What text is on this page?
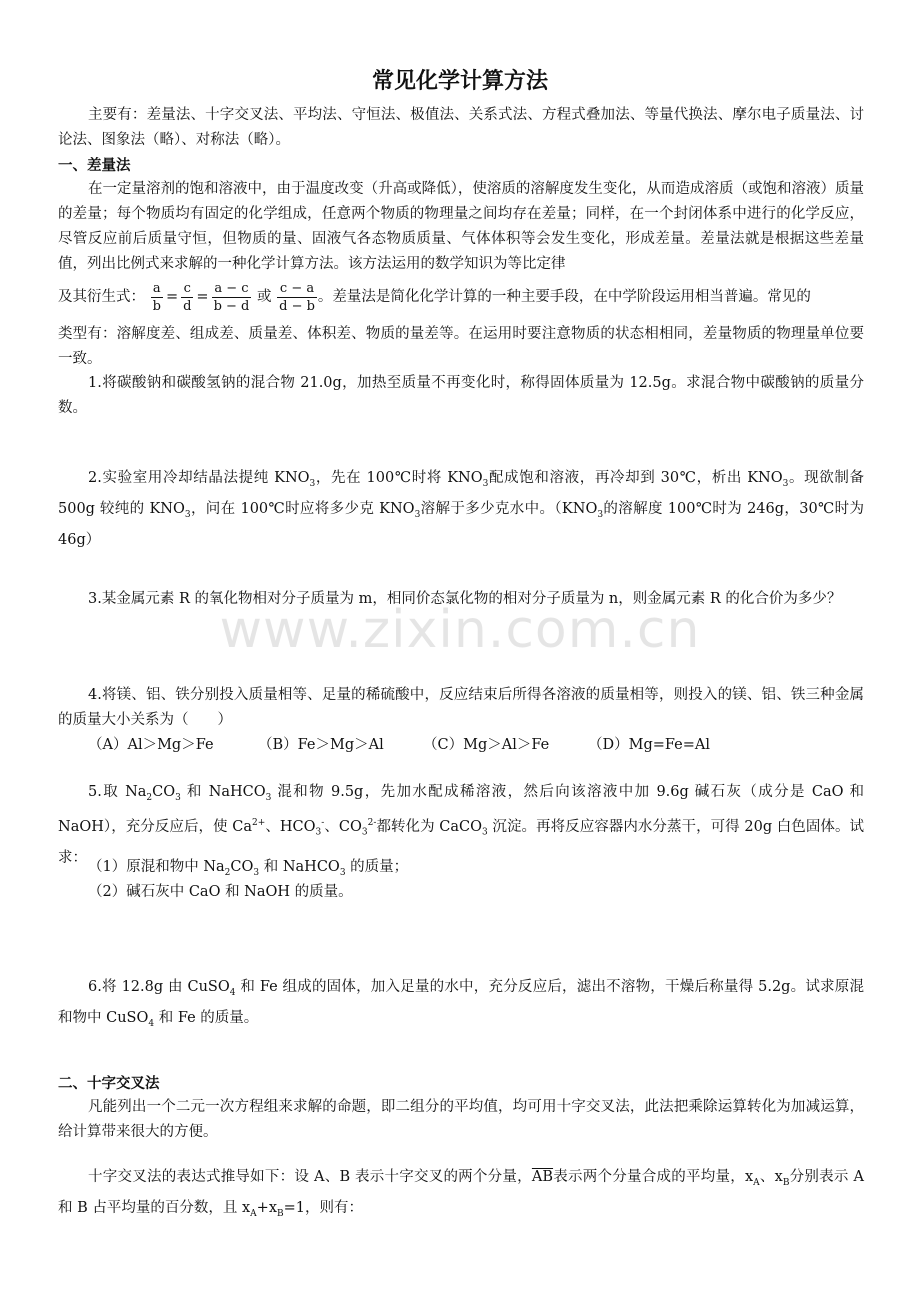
www.zixin.com.cn
常见化学计算方法

主要有：差量法、十字交叉法、平均法、守恒法、极值法、关系式法、方程式叠加法、等量代换法、摩尔电子质量法、讨论法、图象法（略）、对称法（略）。

一、差量法

在一定量溶剂的饱和溶液中，由于温度改变（升高或降低），使溶质的溶解度发生变化，从而造成溶质（或饱和溶液）质量的差量；每个物质均有固定的化学组成，任意两个物质的物理量之间均存在差量；同样，在一个封闭体系中进行的化学反应，尽管反应前后质量守恒，但物质的量、固液气各态物质质量、气体体积等会发生变化，形成差量。差量法就是根据这些差量值，列出比例式来求解的一种化学计算方法。该方法运用的数学知识为等比定律

及其衍生式： $\frac{a}{b} = \frac{c}{d} = \frac{a - c}{b - d}$ 或 $\frac{c - a}{d - b}$ 。差量法是简化化学计算的一种主要手段，在中学阶段运用相当普遍。常见的

类型有：溶解度差、组成差、质量差、体积差、物质的量差等。在运用时要注意物质的状态相相同，差量物质的物理量单位要一致。

1.将碳酸钠和碳酸氢钠的混合物 21.0g，加热至质量不再变化时，称得固体质量为 12.5g。求混合物中碳酸钠的质量分数。

2.实验室用冷却结晶法提纯 $KNO_3$，先在 100℃时将 $KNO_3$配成饱和溶液，再冷却到 30℃，析出 $KNO_3$。现欲制备 500g 较纯的 $KNO_3$，问在 100℃时应将多少克 $KNO_3$溶解于多少克水中。（$KNO_3$的溶解度 100℃时为 246g，30℃时为 46g）

3.某金属元素 R 的氧化物相对分子质量为 m，相同价态氯化物的相对分子质量为 n，则金属元素 R 的化合价为多少？

4.将镁、铝、铁分别投入质量相等、足量的稀硫酸中，反应结束后所得各溶液的质量相等，则投入的镁、铝、铁三种金属的质量大小关系为（　　）

（A）Al＞Mg＞Fe	（B）Fe＞Mg＞Al	（C）Mg＞Al＞Fe	（D）Mg=Fe=Al

5.取 $Na_2CO_3$ 和 NaHCO$_3$ 混和物 9.5g，先加水配成稀溶液，然后向该溶液中加 9.6g 碱石灰（成分是 CaO 和 NaOH），充分反应后，使 $Ca^{2+}$、$HCO_3^-$、$CO_3^{2-}$都转化为 CaCO$_3$ 沉淀。再将反应容器内水分蒸干，可得 20g 白色固体。试求：

（1）原混和物中 $Na_2CO_3$ 和 NaHCO$_3$ 的质量；

（2）碱石灰中 CaO 和 NaOH 的质量。

6.将 12.8g 由 CuSO$_4$ 和 Fe 组成的固体，加入足量的水中，充分反应后，滤出不溶物，干燥后称量得 5.2g。试求原混和物中 CuSO$_4$ 和 Fe 的质量。

二、十字交叉法

凡能列出一个二元一次方程组来求解的命题，即二组分的平均值，均可用十字交叉法，此法把乘除运算转化为加减运算，给计算带来很大的方便。

十字交叉法的表达式推导如下：设 A、B 表示十字交叉的两个分量，$\overline{AB}$表示两个分量合成的平均量，$x_A$、$x_B$分别表示 A 和 B 占平均量的百分数，且 $x_A+x_B=1$，则有：
